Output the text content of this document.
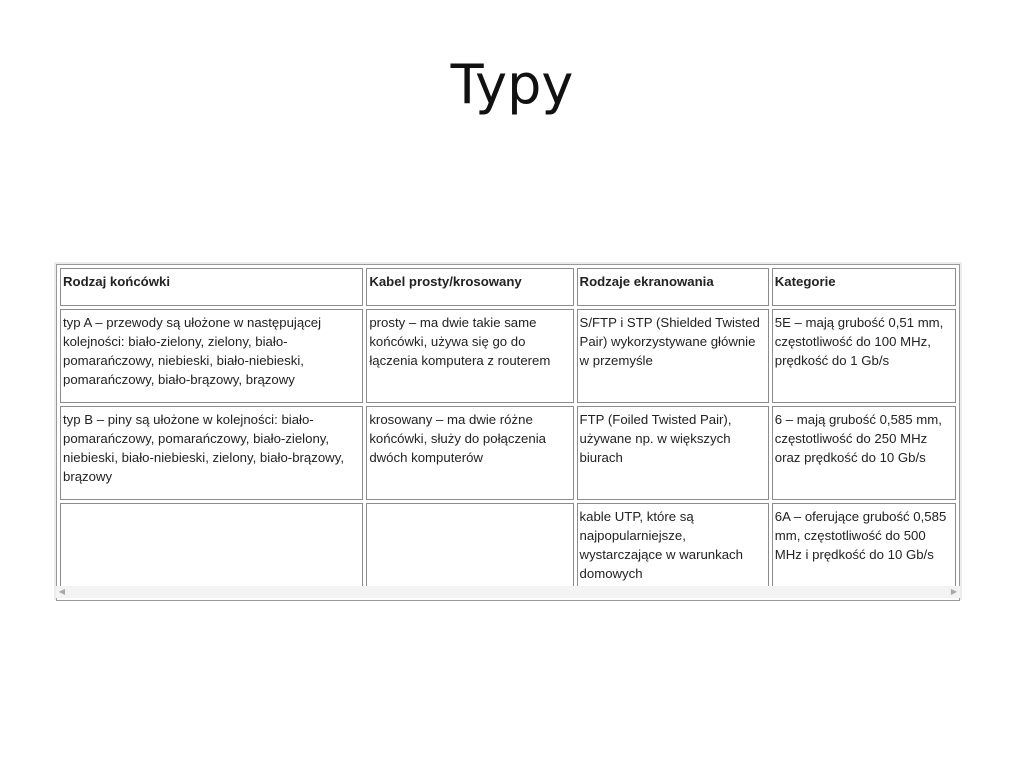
Typy
Rodzaj końcówki	Kabel prosty/krosowany	Rodzaje ekranowania	Kategorie
typ A – przewody są ułożone w następującej kolejności: biało-zielony, zielony, biało-pomarańczowy, niebieski, biało-niebieski, pomarańczowy, biało-brązowy, brązowy	prosty – ma dwie takie same końcówki, używa się go do łączenia komputera z routerem	S/FTP i STP (Shielded Twisted Pair) wykorzystywane głównie w przemyśle	5E – mają grubość 0,51 mm, częstotliwość do 100 MHz, prędkość do 1 Gb/s
typ B – piny są ułożone w kolejności: biało-pomarańczowy, pomarańczowy, biało-zielony, niebieski, biało-niebieski, zielony, biało-brązowy, brązowy	krosowany – ma dwie różne końcówki, służy do połączenia dwóch komputerów	FTP (Foiled Twisted Pair), używane np. w większych biurach	6 – mają grubość 0,585 mm, częstotliwość do 250 MHz oraz prędkość do 10 Gb/s
		kable UTP, które są najpopularniejsze, wystarczające w warunkach domowych	6A – oferujące grubość 0,585 mm, częstotliwość do 500 MHz i prędkość do 10 Gb/s
◀	▶
